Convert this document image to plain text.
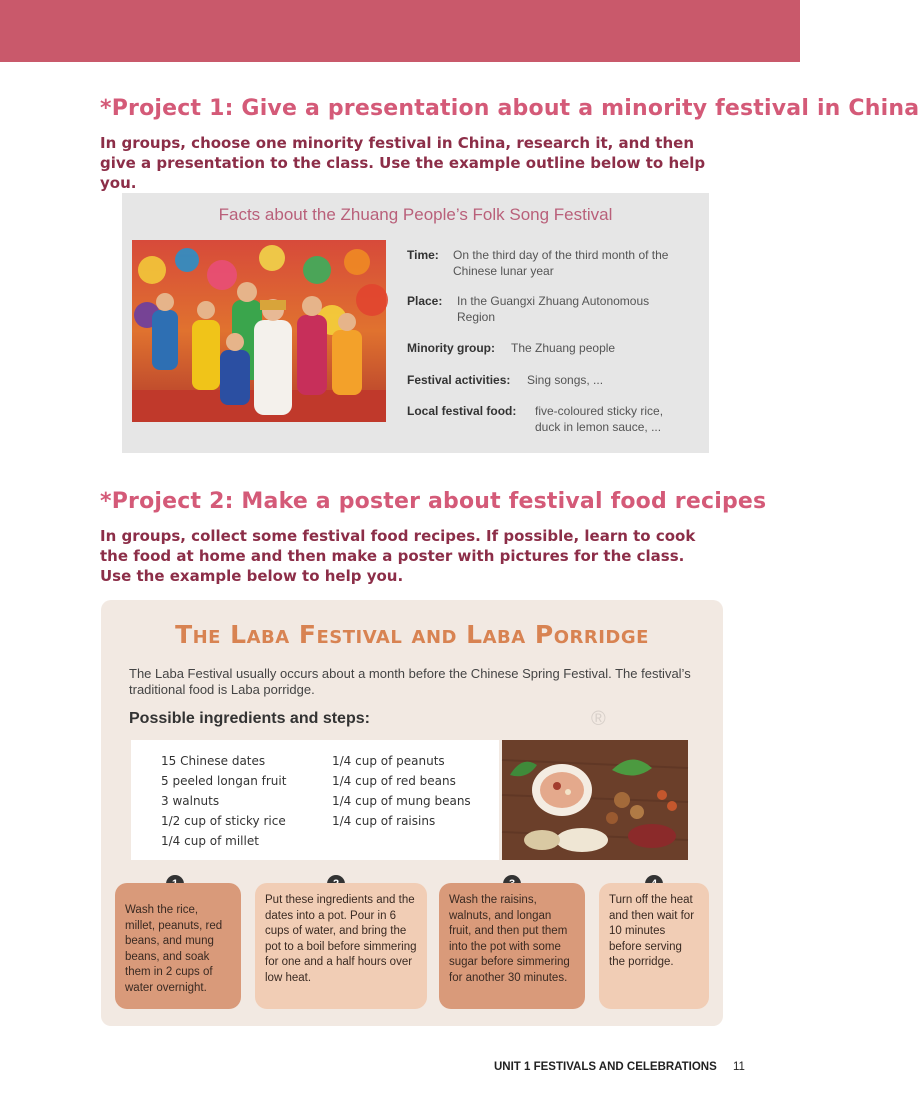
*Project 1: Give a presentation about a minority festival in China
In groups, choose one minority festival in China, research it, and then give a presentation to the class. Use the example outline below to help you.
Facts about the Zhuang People’s Folk Song Festival
Time: On the third day of the third month of the Chinese lunar year
Place: In the Guangxi Zhuang Autonomous Region
Minority group: The Zhuang people
Festival activities: Sing songs, ...
Local festival food: five-coloured sticky rice, duck in lemon sauce, ...
*Project 2: Make a poster about festival food recipes
In groups, collect some festival food recipes. If possible, learn to cook the food at home and then make a poster with pictures for the class. Use the example below to help you.
The Laba Festival and Laba Porridge
The Laba Festival usually occurs about a month before the Chinese Spring Festival. The festival’s traditional food is Laba porridge.
Possible ingredients and steps:
15 Chinese dates
5 peeled longan fruit
3 walnuts
1/2 cup of sticky rice
1/4 cup of millet
1/4 cup of peanuts
1/4 cup of red beans
1/4 cup of mung beans
1/4 cup of raisins
®
Wash the rice, millet, peanuts, red beans, and mung beans, and soak them in 2 cups of water overnight.
Put these ingredients and the dates into a pot. Pour in 6 cups of water, and bring the pot to a boil before simmering for one and a half hours over low heat.
Wash the raisins, walnuts, and longan fruit, and then put them into the pot with some sugar before simmering for another 30 minutes.
Turn off the heat and then wait for 10 minutes before serving the porridge.
UNIT 1 FESTIVALS AND CELEBRATIONS 11
